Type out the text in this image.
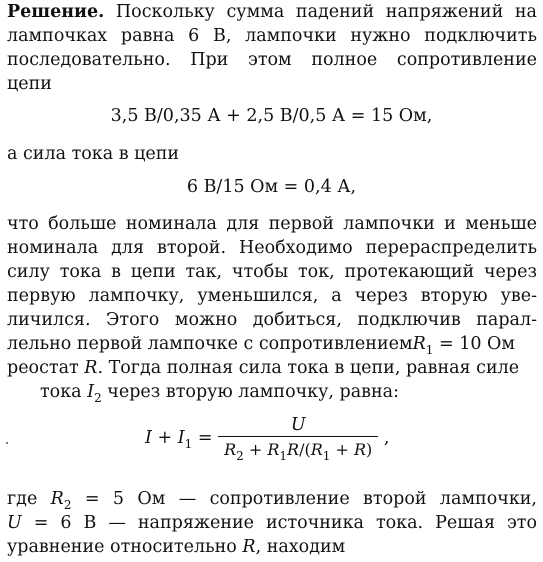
Решение. Поскольку сумма падений напряжений на
лампочках равна 6 В, лампочки нужно подключить
последовательно. При этом полное сопротивление
цепи
3,5 В/0,35 А + 2,5 В/0,5 А = 15 Ом,
а сила тока в цепи
6 В/15 Ом = 0,4 А,
что больше номинала для первой лампочки и меньше
номинала для второй. Необходимо перераспределить
силу тока в цепи так, чтобы ток, протекающий через
первую лампочку, уменьшился, а через вторую уве-
личился. Этого можно добиться, подключив парал-
лельно первой лампочке с сопротивлениемR$_1$ = 10 Ом
реостат R. Тогда полная сила тока в цепи, равная силе
тока $I_2$ через вторую лампочку, равна:
$I + I_1 = \frac{U}{R_2 + R_1R/(R_1 + R)}$ ,
где $R_2 = 5$ Ом — сопротивление второй лампочки,
U = 6 В — напряжение источника тока. Решая это
уравнение относительно R, находим
